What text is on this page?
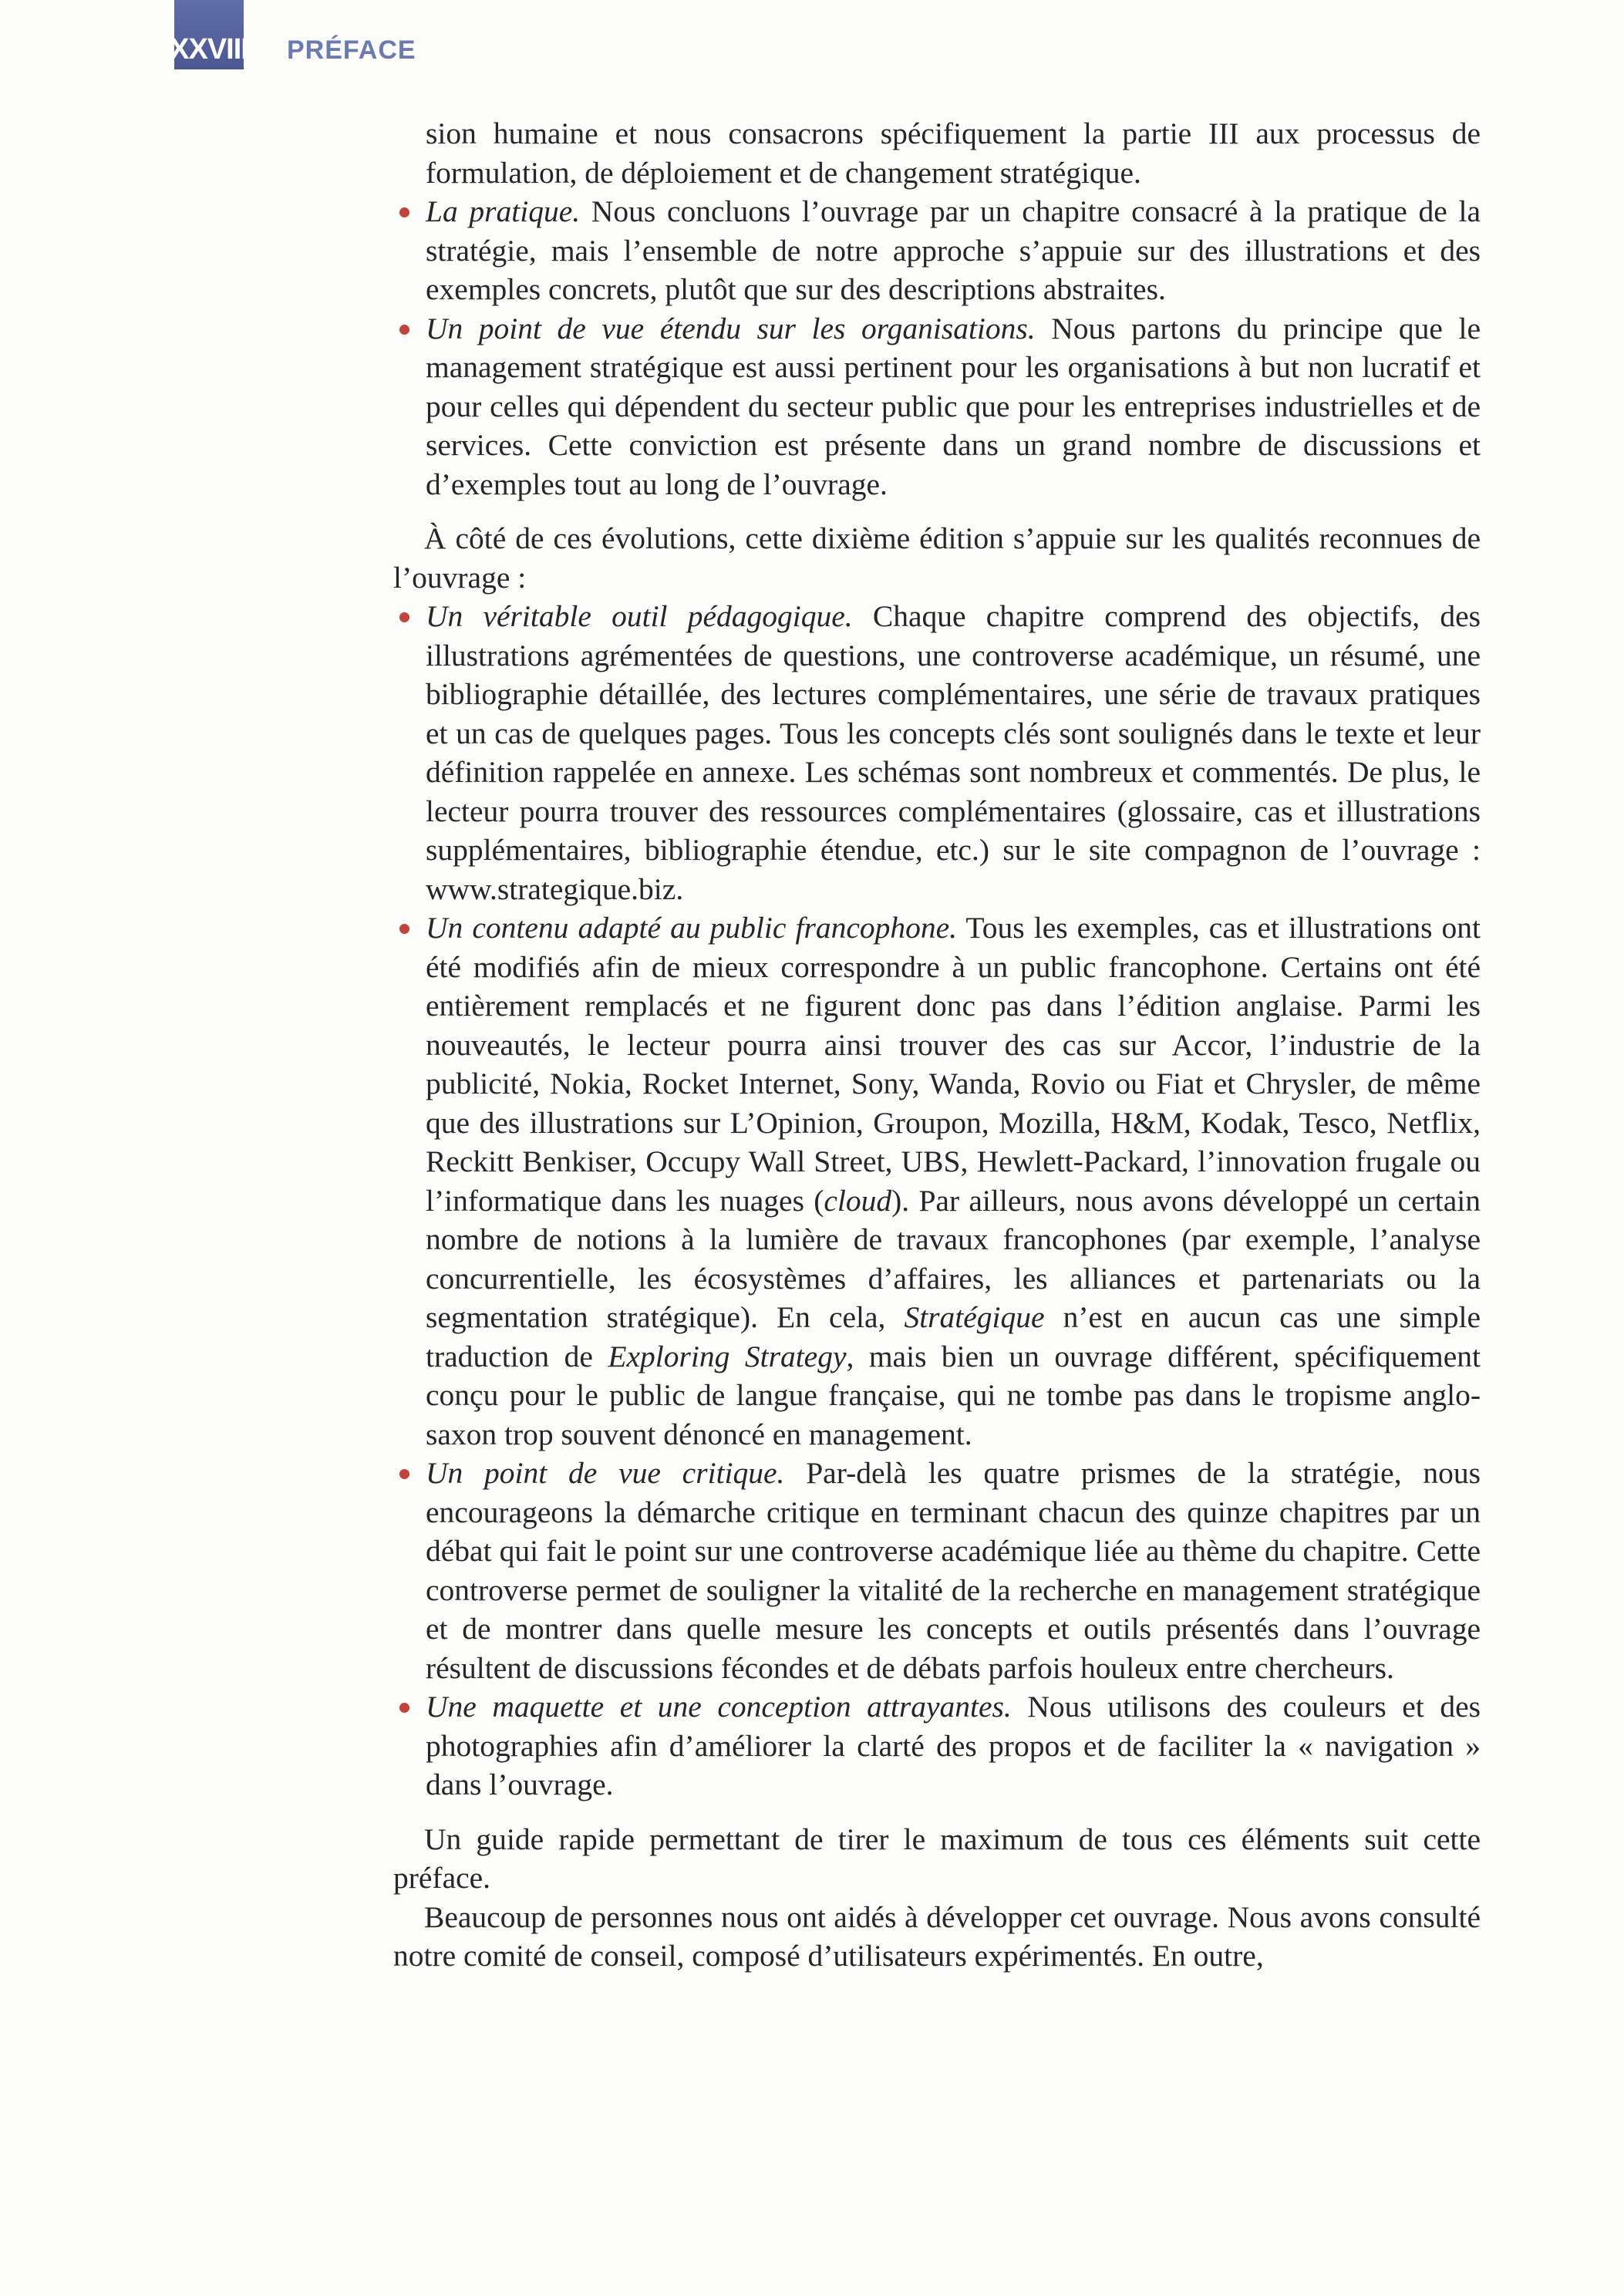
XXVIII PRÉFACE

sion humaine et nous consacrons spécifiquement la partie III aux processus de formulation, de déploiement et de changement stratégique.

La pratique. Nous concluons l’ouvrage par un chapitre consacré à la pratique de la stratégie, mais l’ensemble de notre approche s’appuie sur des illustrations et des exemples concrets, plutôt que sur des descriptions abstraites.
Un point de vue étendu sur les organisations. Nous partons du principe que le management stratégique est aussi pertinent pour les organisations à but non lucratif et pour celles qui dépendent du secteur public que pour les entreprises industrielles et de services. Cette conviction est présente dans un grand nombre de discussions et d’exemples tout au long de l’ouvrage.

À côté de ces évolutions, cette dixième édition s’appuie sur les qualités reconnues de l’ouvrage :

Un véritable outil pédagogique. Chaque chapitre comprend des objectifs, des illustrations agrémentées de questions, une controverse académique, un résumé, une bibliographie détaillée, des lectures complémentaires, une série de travaux pratiques et un cas de quelques pages. Tous les concepts clés sont soulignés dans le texte et leur définition rappelée en annexe. Les schémas sont nombreux et commentés. De plus, le lecteur pourra trouver des ressources complémentaires (glossaire, cas et illustrations supplémentaires, bibliographie étendue, etc.) sur le site compagnon de l’ouvrage : www.strategique.biz.
Un contenu adapté au public francophone. Tous les exemples, cas et illustrations ont été modifiés afin de mieux correspondre à un public francophone. Certains ont été entièrement remplacés et ne figurent donc pas dans l’édition anglaise. Parmi les nouveautés, le lecteur pourra ainsi trouver des cas sur Accor, l’industrie de la publicité, Nokia, Rocket Internet, Sony, Wanda, Rovio ou Fiat et Chrysler, de même que des illustrations sur L’Opinion, Groupon, Mozilla, H&M, Kodak, Tesco, Netflix, Reckitt Benkiser, Occupy Wall Street, UBS, Hewlett-Packard, l’innovation frugale ou l’informatique dans les nuages (cloud). Par ailleurs, nous avons développé un certain nombre de notions à la lumière de travaux francophones (par exemple, l’analyse concurrentielle, les écosystèmes d’affaires, les alliances et partenariats ou la segmentation stratégique). En cela, Stratégique n’est en aucun cas une simple traduction de Exploring Strategy, mais bien un ouvrage différent, spécifiquement conçu pour le public de langue française, qui ne tombe pas dans le tropisme anglo-saxon trop souvent dénoncé en management.
Un point de vue critique. Par-delà les quatre prismes de la stratégie, nous encourageons la démarche critique en terminant chacun des quinze chapitres par un débat qui fait le point sur une controverse académique liée au thème du chapitre. Cette controverse permet de souligner la vitalité de la recherche en management stratégique et de montrer dans quelle mesure les concepts et outils présentés dans l’ouvrage résultent de discussions fécondes et de débats parfois houleux entre chercheurs.
Une maquette et une conception attrayantes. Nous utilisons des couleurs et des photographies afin d’améliorer la clarté des propos et de faciliter la « navigation » dans l’ouvrage.

Un guide rapide permettant de tirer le maximum de tous ces éléments suit cette préface.

Beaucoup de personnes nous ont aidés à développer cet ouvrage. Nous avons consulté notre comité de conseil, composé d’utilisateurs expérimentés. En outre,
